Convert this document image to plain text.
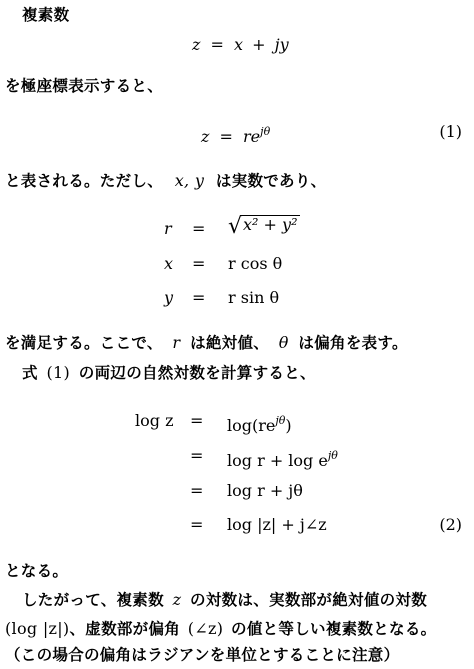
複素数
z = x + jy
を極座標表示すると、
$z = re^{j\theta}$	(1)
と表される。ただし、 x, y は実数であり、
r = √x² + y²
x = r cos θ
y = r sin θ
を満足する。ここで、 r は絶対値、 θ は偏角を表す。
式 (1) の両辺の自然対数を計算すると、
$\log z = \log(re^{j\theta})$
= $\log r + \log e^{j\theta}$
= log r + jθ
= log |z| + j∠z	(2)
となる。
したがって、複素数 z の対数は、実数部が絶対値の対数
(log |z|)、虚数部が偏角 (∠z) の値と等しい複素数となる。
（この場合の偏角はラジアンを単位とすることに注意）
